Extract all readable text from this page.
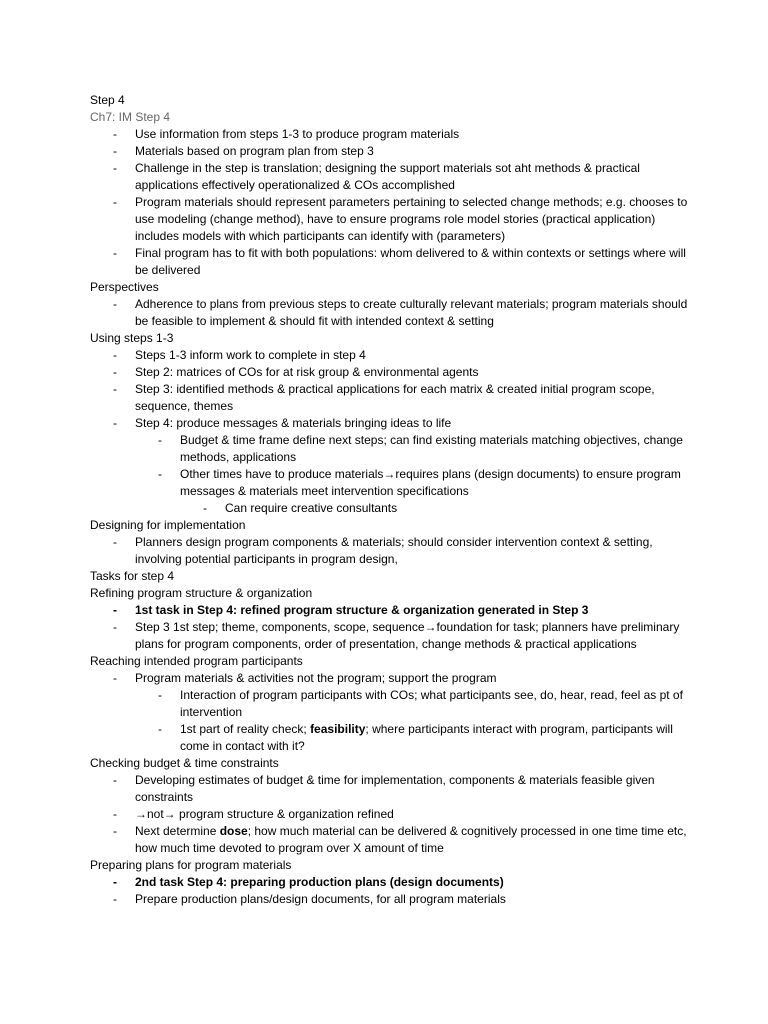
Step 4
Ch7: IM Step 4
- Use information from steps 1-3 to produce program materials
- Materials based on program plan from step 3
- Challenge in the step is translation; designing the support materials sot aht methods & practical applications effectively operationalized & COs accomplished
- Program materials should represent parameters pertaining to selected change methods; e.g. chooses to use modeling (change method), have to ensure programs role model stories (practical application) includes models with which participants can identify with (parameters)
- Final program has to fit with both populations: whom delivered to & within contexts or settings where will be delivered
Perspectives
- Adherence to plans from previous steps to create culturally relevant materials; program materials should be feasible to implement & should fit with intended context & setting
Using steps 1-3
- Steps 1-3 inform work to complete in step 4
- Step 2: matrices of COs for at risk group & environmental agents
- Step 3: identified methods & practical applications for each matrix & created initial program scope, sequence, themes
- Step 4: produce messages & materials bringing ideas to life
- Budget & time frame define next steps; can find existing materials matching objectives, change methods, applications
- Other times have to produce materials→requires plans (design documents) to ensure program messages & materials meet intervention specifications
- Can require creative consultants
Designing for implementation
- Planners design program components & materials; should consider intervention context & setting, involving potential participants in program design,
Tasks for step 4
Refining program structure & organization
- 1st task in Step 4: refined program structure & organization generated in Step 3
- Step 3 1st step; theme, components, scope, sequence→foundation for task; planners have preliminary plans for program components, order of presentation, change methods & practical applications
Reaching intended program participants
- Program materials & activities not the program; support the program
- Interaction of program participants with COs; what participants see, do, hear, read, feel as pt of intervention
- 1st part of reality check; feasibility; where participants interact with program, participants will come in contact with it?
Checking budget & time constraints
- Developing estimates of budget & time for implementation, components & materials feasible given constraints
- →not→ program structure & organization refined
- Next determine dose; how much material can be delivered & cognitively processed in one time time etc, how much time devoted to program over X amount of time
Preparing plans for program materials
- 2nd task Step 4: preparing production plans (design documents)
- Prepare production plans/design documents, for all program materials
